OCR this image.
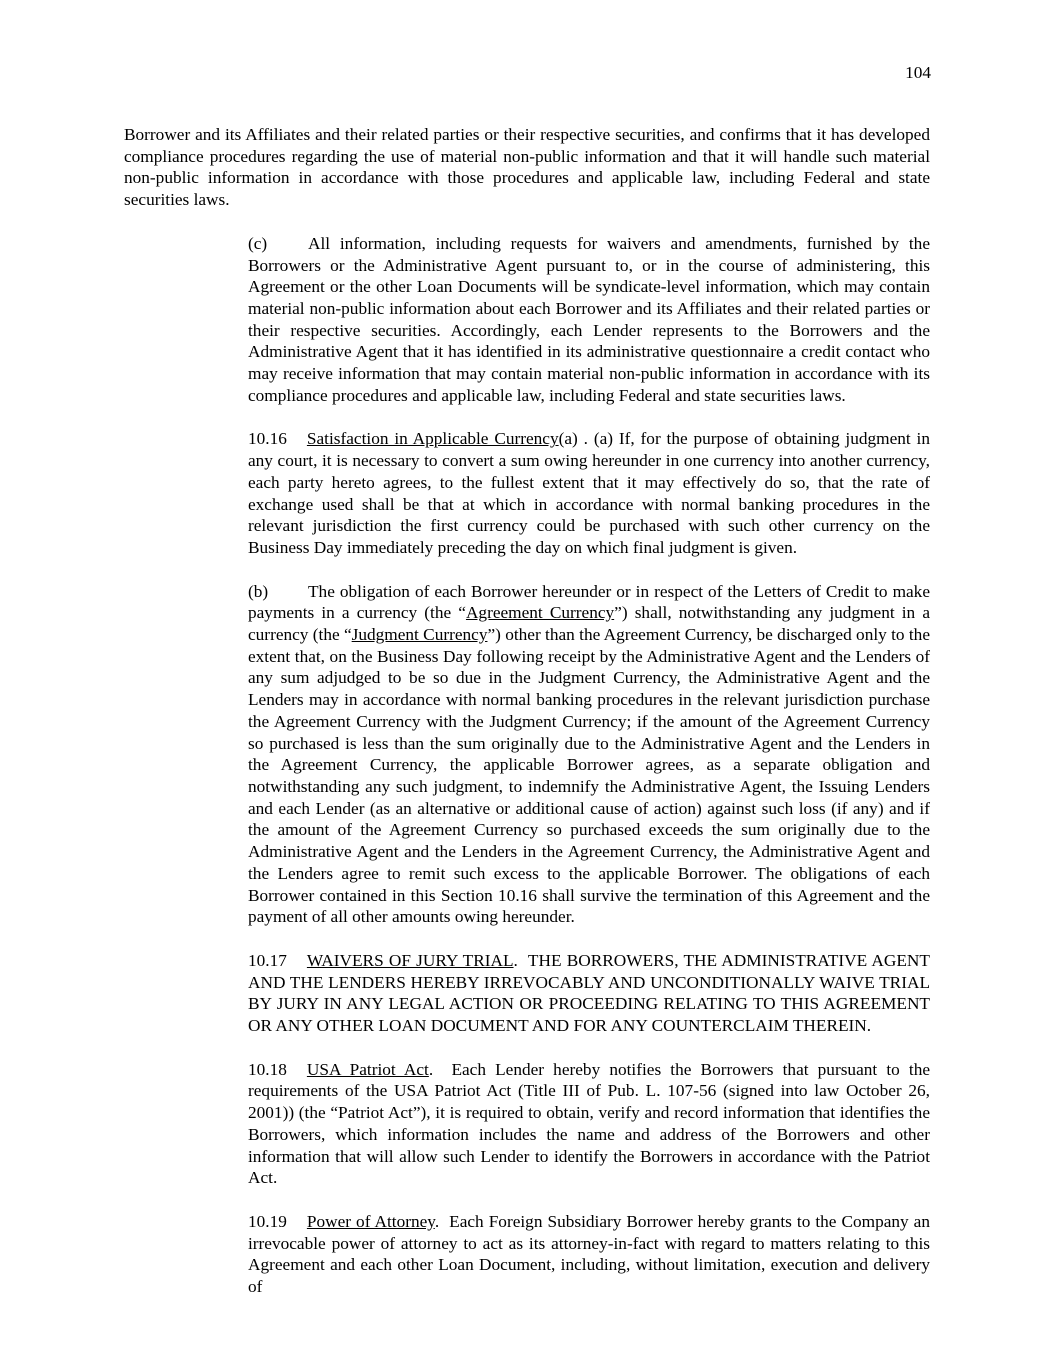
104

Borrower and its Affiliates and their related parties or their respective securities, and confirms that it has developed compliance procedures regarding the use of material non-public information and that it will handle such material non-public information in accordance with those procedures and applicable law, including Federal and state securities laws.

(c) All information, including requests for waivers and amendments, furnished by the Borrowers or the Administrative Agent pursuant to, or in the course of administering, this Agreement or the other Loan Documents will be syndicate-level information, which may contain material non-public information about each Borrower and its Affiliates and their related parties or their respective securities. Accordingly, each Lender represents to the Borrowers and the Administrative Agent that it has identified in its administrative questionnaire a credit contact who may receive information that may contain material non-public information in accordance with its compliance procedures and applicable law, including Federal and state securities laws.

10.16 Satisfaction in Applicable Currency(a) . (a) If, for the purpose of obtaining judgment in any court, it is necessary to convert a sum owing hereunder in one currency into another currency, each party hereto agrees, to the fullest extent that it may effectively do so, that the rate of exchange used shall be that at which in accordance with normal banking procedures in the relevant jurisdiction the first currency could be purchased with such other currency on the Business Day immediately preceding the day on which final judgment is given.

(b) The obligation of each Borrower hereunder or in respect of the Letters of Credit to make payments in a currency (the “Agreement Currency”) shall, notwithstanding any judgment in a currency (the “Judgment Currency”) other than the Agreement Currency, be discharged only to the extent that, on the Business Day following receipt by the Administrative Agent and the Lenders of any sum adjudged to be so due in the Judgment Currency, the Administrative Agent and the Lenders may in accordance with normal banking procedures in the relevant jurisdiction purchase the Agreement Currency with the Judgment Currency; if the amount of the Agreement Currency so purchased is less than the sum originally due to the Administrative Agent and the Lenders in the Agreement Currency, the applicable Borrower agrees, as a separate obligation and notwithstanding any such judgment, to indemnify the Administrative Agent, the Issuing Lenders and each Lender (as an alternative or additional cause of action) against such loss (if any) and if the amount of the Agreement Currency so purchased exceeds the sum originally due to the Administrative Agent and the Lenders in the Agreement Currency, the Administrative Agent and the Lenders agree to remit such excess to the applicable Borrower. The obligations of each Borrower contained in this Section 10.16 shall survive the termination of this Agreement and the payment of all other amounts owing hereunder.

10.17 WAIVERS OF JURY TRIAL. THE BORROWERS, THE ADMINISTRATIVE AGENT AND THE LENDERS HEREBY IRREVOCABLY AND UNCONDITIONALLY WAIVE TRIAL BY JURY IN ANY LEGAL ACTION OR PROCEEDING RELATING TO THIS AGREEMENT OR ANY OTHER LOAN DOCUMENT AND FOR ANY COUNTERCLAIM THEREIN.

10.18 USA Patriot Act. Each Lender hereby notifies the Borrowers that pursuant to the requirements of the USA Patriot Act (Title III of Pub. L. 107-56 (signed into law October 26, 2001)) (the “Patriot Act”), it is required to obtain, verify and record information that identifies the Borrowers, which information includes the name and address of the Borrowers and other information that will allow such Lender to identify the Borrowers in accordance with the Patriot Act.

10.19 Power of Attorney. Each Foreign Subsidiary Borrower hereby grants to the Company an irrevocable power of attorney to act as its attorney-in-fact with regard to matters relating to this Agreement and each other Loan Document, including, without limitation, execution and delivery of
